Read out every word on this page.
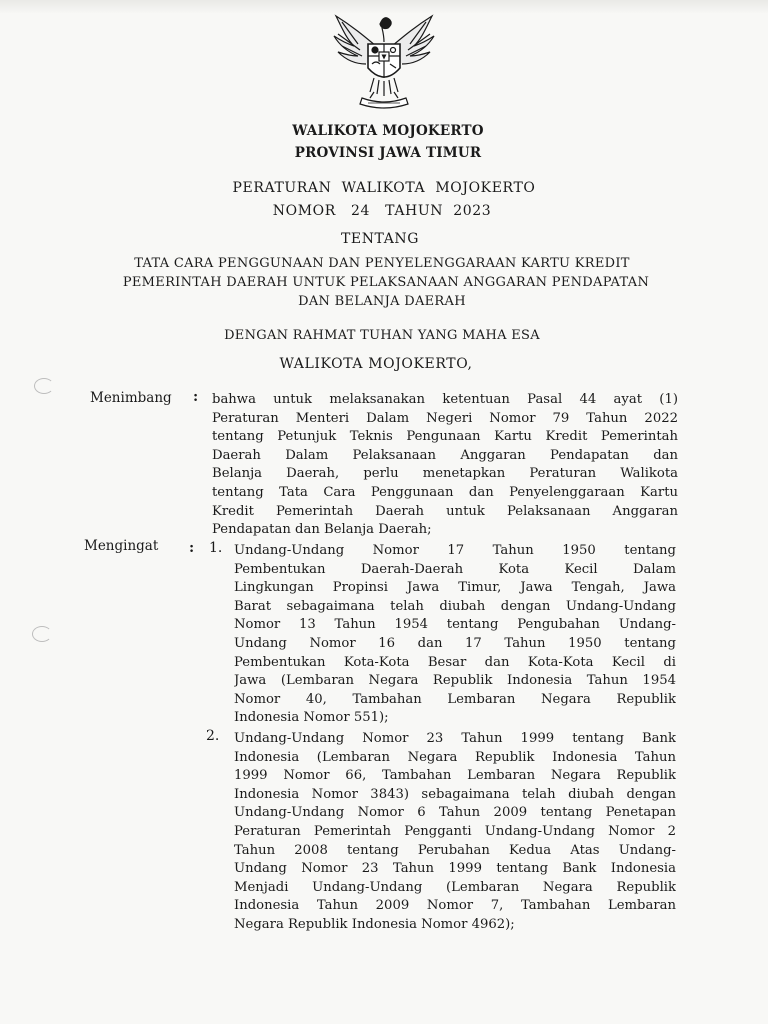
WALIKOTA MOJOKERTO
PROVINSI JAWA TIMUR
PERATURAN  WALIKOTA  MOJOKERTO
NOMOR   24   TAHUN  2023
TENTANG
TATA CARA PENGGUNAAN DAN PENYELENGGARAAN KARTU KREDIT
PEMERINTAH DAERAH UNTUK PELAKSANAAN ANGGARAN PENDAPATAN
DAN BELANJA DAERAH
DENGAN RAHMAT TUHAN YANG MAHA ESA
WALIKOTA MOJOKERTO,
Menimbang : bahwa untuk melaksanakan ketentuan Pasal 44 ayat (1)
Peraturan Menteri Dalam Negeri Nomor 79 Tahun 2022
tentang Petunjuk Teknis Pengunaan Kartu Kredit Pemerintah
Daerah Dalam Pelaksanaan Anggaran Pendapatan dan
Belanja Daerah, perlu menetapkan Peraturan Walikota
tentang Tata Cara Penggunaan dan Penyelenggaraan Kartu
Kredit Pemerintah Daerah untuk Pelaksanaan Anggaran
Pendapatan dan Belanja Daerah;
Mengingat : 1. Undang-Undang Nomor 17 Tahun 1950 tentang
Pembentukan Daerah-Daerah Kota Kecil Dalam
Lingkungan Propinsi Jawa Timur, Jawa Tengah, Jawa
Barat sebagaimana telah diubah dengan Undang-Undang
Nomor 13 Tahun 1954 tentang Pengubahan Undang-
Undang Nomor 16 dan 17 Tahun 1950 tentang
Pembentukan Kota-Kota Besar dan Kota-Kota Kecil di
Jawa (Lembaran Negara Republik Indonesia Tahun 1954
Nomor 40, Tambahan Lembaran Negara Republik
Indonesia Nomor 551);
2. Undang-Undang Nomor 23 Tahun 1999 tentang Bank
Indonesia (Lembaran Negara Republik Indonesia Tahun
1999 Nomor 66, Tambahan Lembaran Negara Republik
Indonesia Nomor 3843) sebagaimana telah diubah dengan
Undang-Undang Nomor 6 Tahun 2009 tentang Penetapan
Peraturan Pemerintah Pengganti Undang-Undang Nomor 2
Tahun 2008 tentang Perubahan Kedua Atas Undang-
Undang Nomor 23 Tahun 1999 tentang Bank Indonesia
Menjadi Undang-Undang (Lembaran Negara Republik
Indonesia Tahun 2009 Nomor 7, Tambahan Lembaran
Negara Republik Indonesia Nomor 4962);
